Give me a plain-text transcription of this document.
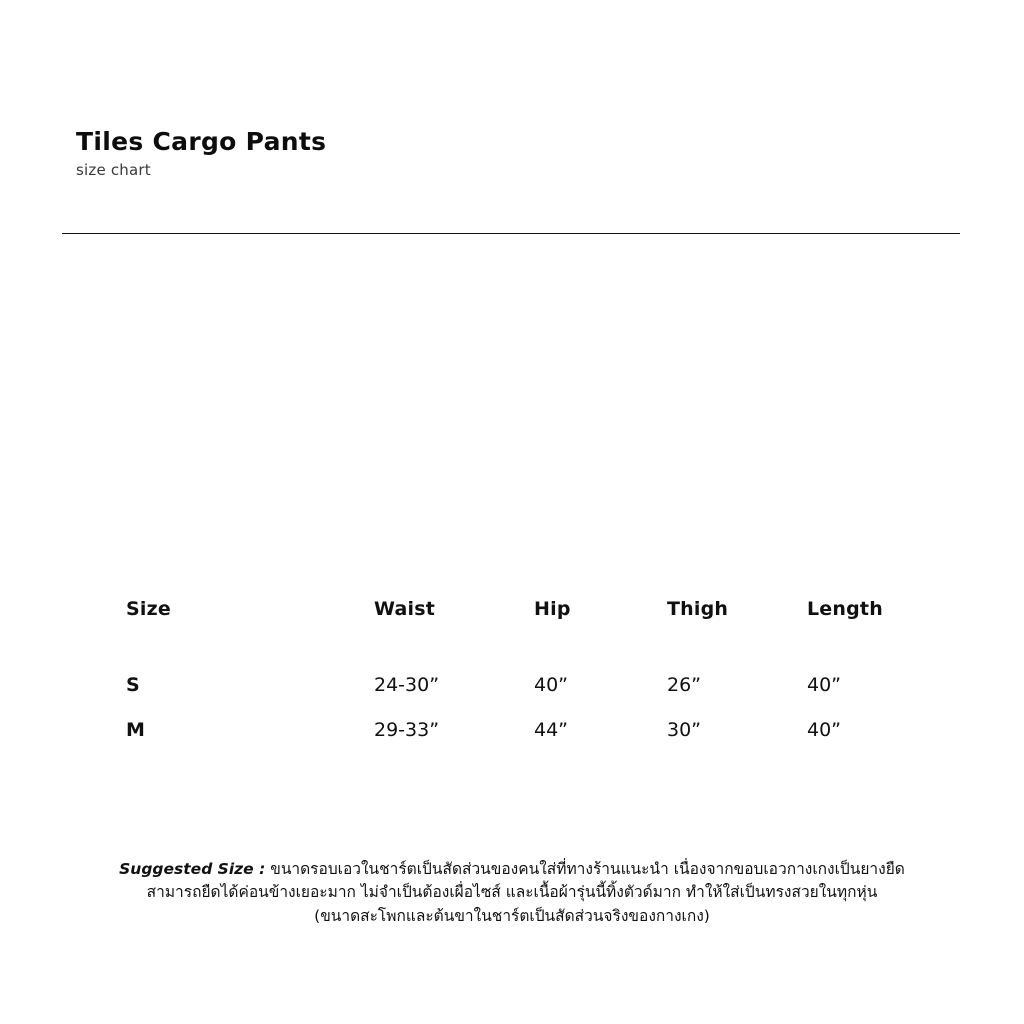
Tiles Cargo Pants
size chart
Size	Waist	Hip	Thigh	Length
S	24-30”	40”	26”	40”
M	29-33”	44”	30”	40”
Suggested Size : ขนาดรอบเอวในชาร์ตเป็นสัดส่วนของคนใส่ที่ทางร้านแนะนำ เนื่องจากขอบเอวกางเกงเป็นยางยืด
สามารถยืดได้ค่อนข้างเยอะมาก ไม่จำเป็นต้องเผื่อไซส์ และเนื้อผ้ารุ่นนี้ทิ้งตัวด์มาก ทำให้ใส่เป็นทรงสวยในทุกหุ่น
(ขนาดสะโพกและต้นขาในชาร์ตเป็นสัดส่วนจริงของกางเกง)
